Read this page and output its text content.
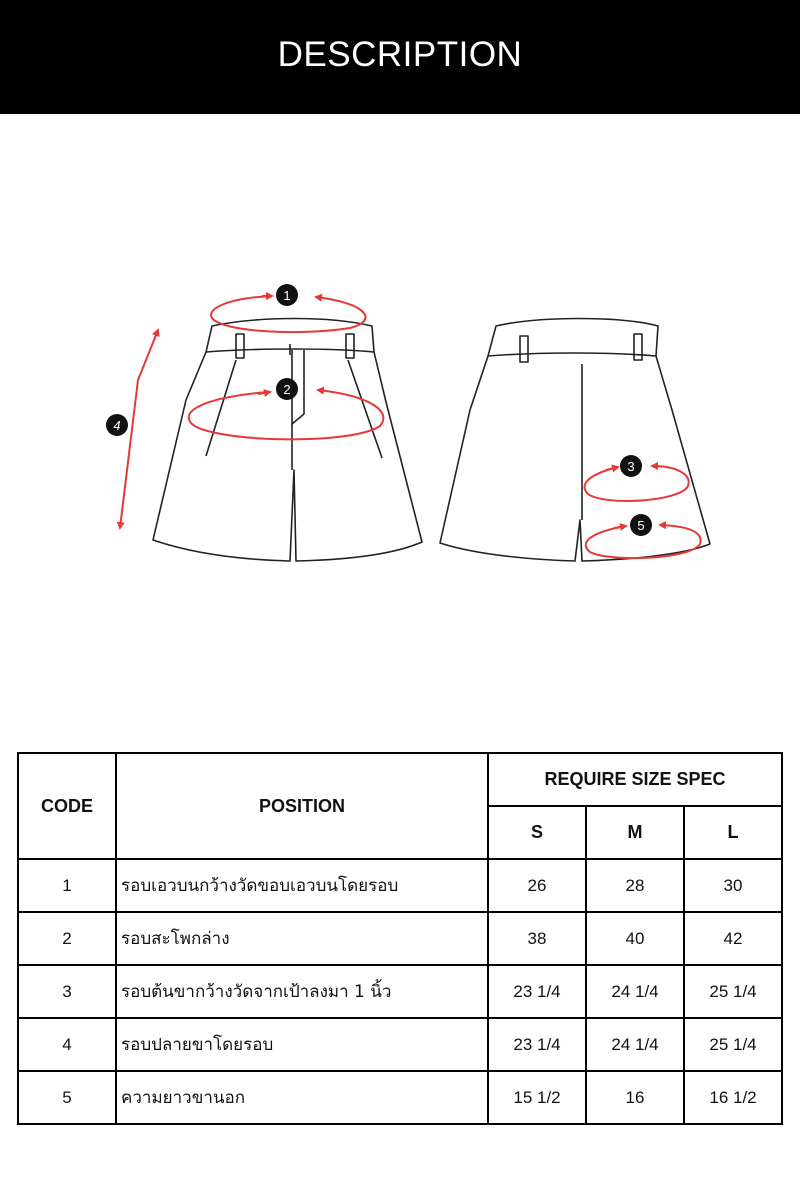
DESCRIPTION
1
2
3
4
5
CODE	POSITION	REQUIRE SIZE SPEC		
		S	M	L
1	รอบเอวบนกว้างวัดขอบเอวบนโดยรอบ	26	28	30
2	รอบสะโพกล่าง	38	40	42
3	รอบต้นขากว้างวัดจากเป้าลงมา 1 นิ้ว	23 1/4	24 1/4	25 1/4
4	รอบปลายขาโดยรอบ	23 1/4	24 1/4	25 1/4
5	ความยาวขานอก	15 1/2	16	16 1/2
